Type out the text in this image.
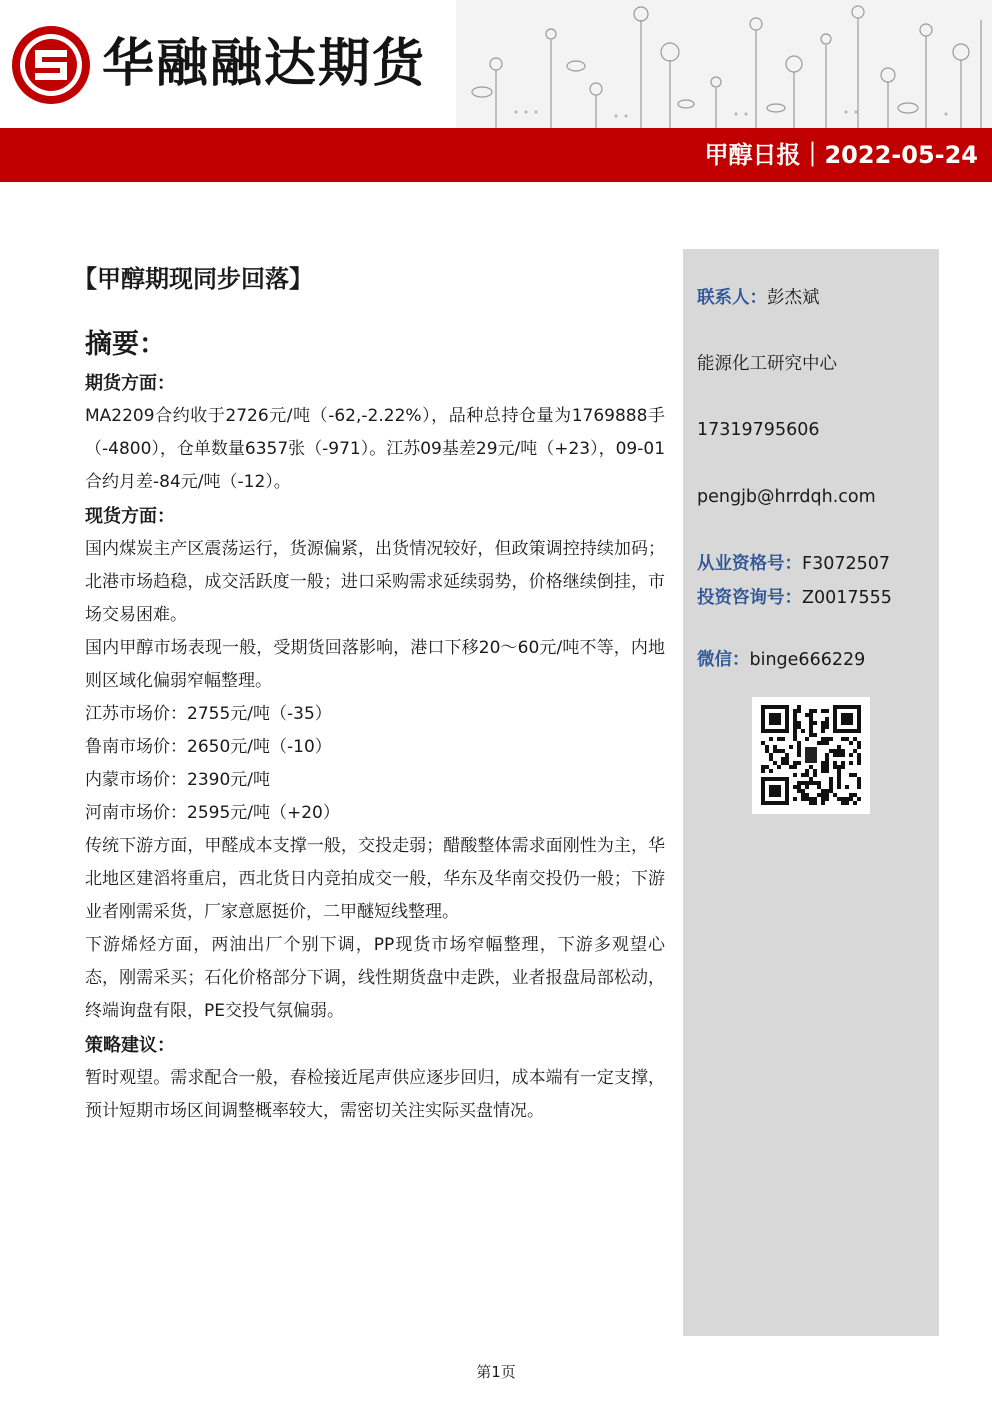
华融融达期货
甲醇日报｜2022-05-24
【甲醇期现同步回落】
摘要：
期货方面：

MA2209合约收于2726元/吨（-62,-2.22%），品种总持仓量为1769888手（-4800），仓单数量6357张（-971）。江苏09基差29元/吨（+23），09-01合约月差-84元/吨（-12）。

现货方面：

国内煤炭主产区震荡运行，货源偏紧，出货情况较好，但政策调控持续加码；北港市场趋稳，成交活跃度一般；进口采购需求延续弱势，价格继续倒挂，市场交易困难。

国内甲醇市场表现一般，受期货回落影响，港口下移20～60元/吨不等，内地则区域化偏弱窄幅整理。

江苏市场价：2755元/吨（-35）

鲁南市场价：2650元/吨（-10）

内蒙市场价：2390元/吨

河南市场价：2595元/吨（+20）

传统下游方面，甲醛成本支撑一般，交投走弱；醋酸整体需求面刚性为主，华北地区建滔将重启，西北货日内竞拍成交一般，华东及华南交投仍一般；下游业者刚需采货，厂家意愿挺价，二甲醚短线整理。

下游烯烃方面，两油出厂个别下调，PP现货市场窄幅整理，下游多观望心态，刚需采买；石化价格部分下调，线性期货盘中走跌，业者报盘局部松动，终端询盘有限，PE交投气氛偏弱。

策略建议：

暂时观望。需求配合一般，春检接近尾声供应逐步回归，成本端有一定支撑，预计短期市场区间调整概率较大，需密切关注实际买盘情况。

联系人：彭杰斌
能源化工研究中心
17319795606
pengjb@hrrdqh.com
从业资格号：F3072507
投资咨询号：Z0017555
微信：binge666229
第1页
